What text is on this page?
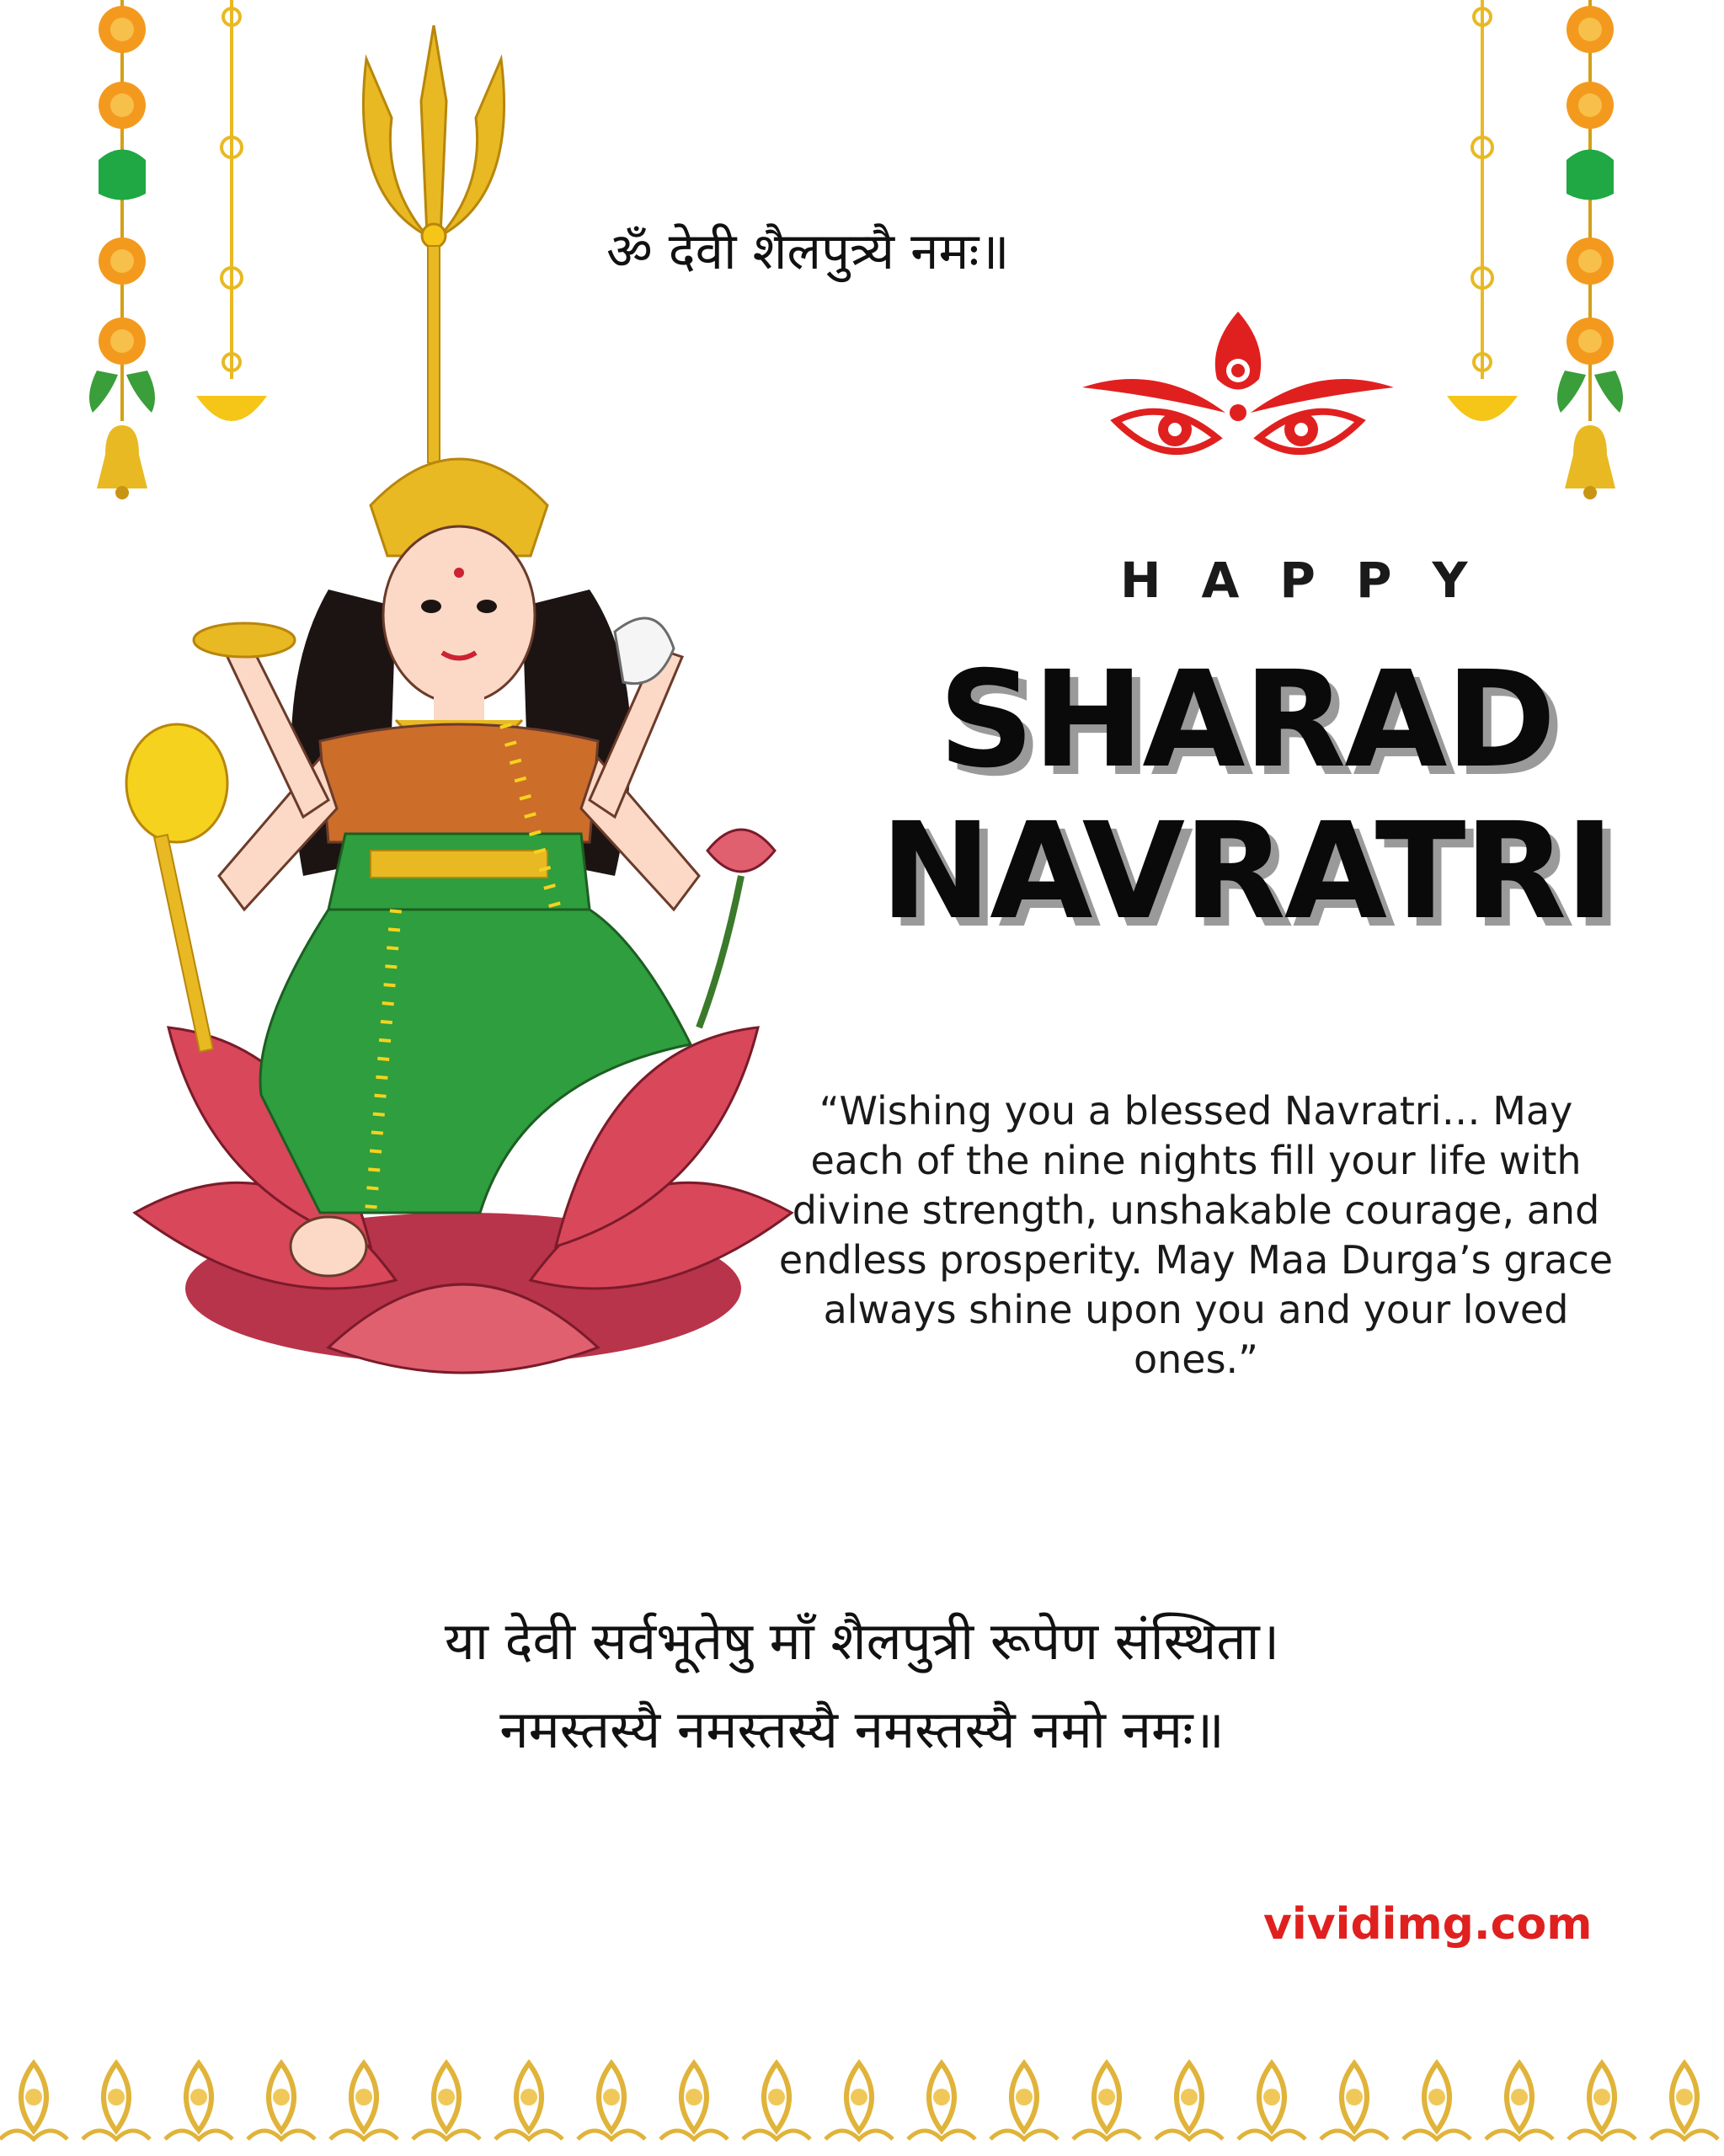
ॐ देवी शैलपुत्र्यै नमः॥
HAPPY
SHARAD
NAVRATRI
“Wishing you a blessed Navratri… May each of the nine nights fill your life with divine strength, unshakable courage, and endless prosperity. May Maa Durga’s grace always shine upon you and your loved ones.”
या देवी सर्वभूतेषु माँ शैलपुत्री रूपेण संस्थिता।
नमस्तस्यै नमस्तस्यै नमस्तस्यै नमो नमः॥
vividimg.com
